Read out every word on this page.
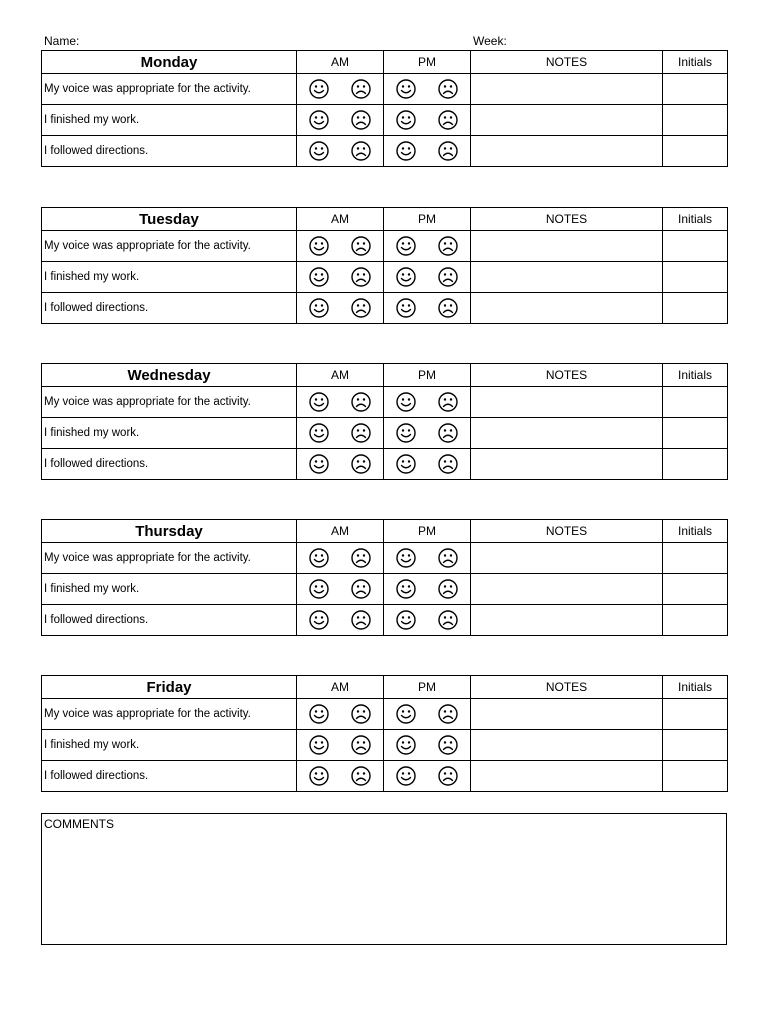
Name:	Week:
Monday	AM	PM	NOTES	Initials
My voice was appropriate for the activity.				
I finished my work.				
I followed directions.				
Tuesday	AM	PM	NOTES	Initials
My voice was appropriate for the activity.				
I finished my work.				
I followed directions.				
Wednesday	AM	PM	NOTES	Initials
My voice was appropriate for the activity.				
I finished my work.				
I followed directions.				
Thursday	AM	PM	NOTES	Initials
My voice was appropriate for the activity.				
I finished my work.				
I followed directions.				
Friday	AM	PM	NOTES	Initials
My voice was appropriate for the activity.				
I finished my work.				
I followed directions.				
COMMENTS
